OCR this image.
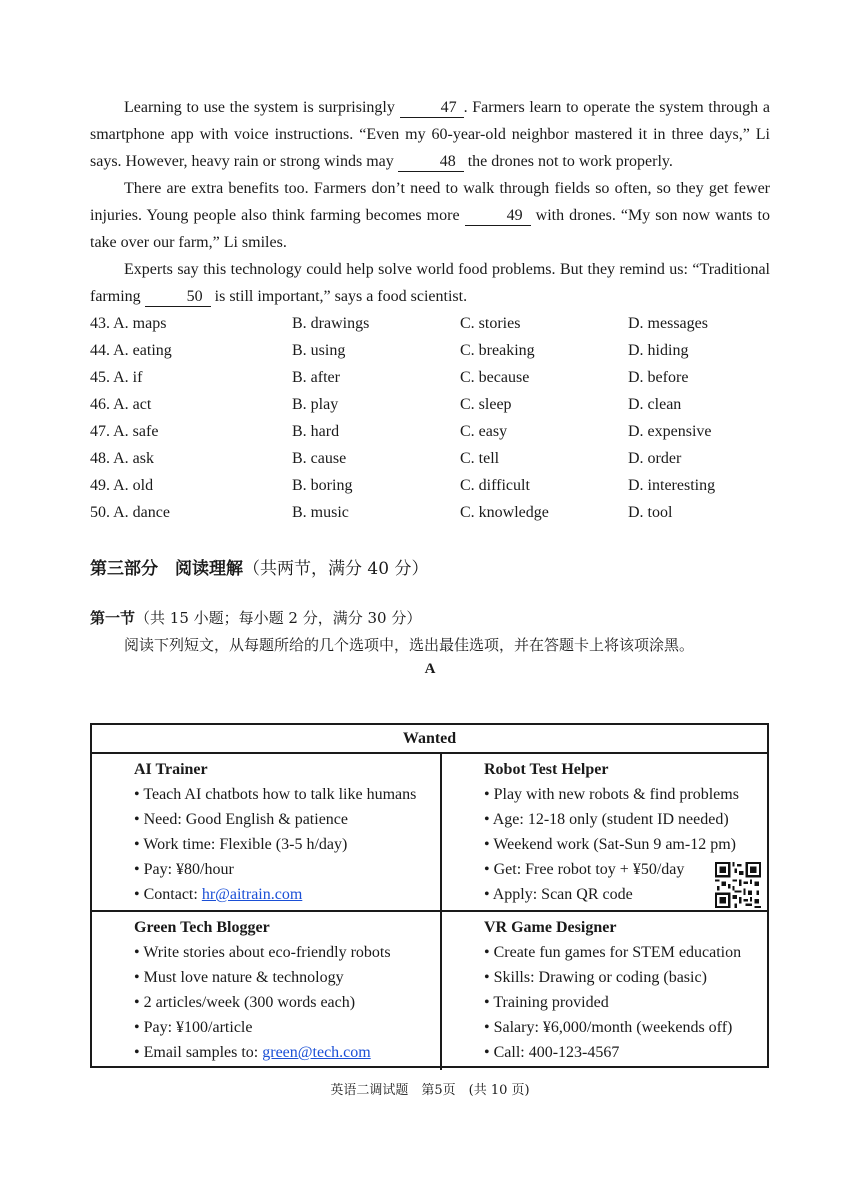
Learning to use the system is surprisingly	47 . Farmers learn to operate the system through a smartphone app with voice instructions. “Even my 60-year-old neighbor mastered it in three days,” Li says. However, heavy rain or strong winds may	48 the drones not to work properly.

There are extra benefits too. Farmers don’t need to walk through fields so often, so they get fewer injuries. Young people also think farming becomes more	49 with drones. “My son now wants to take over our farm,” Li smiles.

Experts say this technology could help solve world food problems. But they remind us: “Traditional farming	50 is still important,” says a food scientist.

43. A. maps	B. drawings	C. stories	D. messages
44. A. eating	B. using	C. breaking	D. hiding
45. A. if	B. after	C. because	D. before
46. A. act	B. play	C. sleep	D. clean
47. A. safe	B. hard	C. easy	D. expensive
48. A. ask	B. cause	C. tell	D. order
49. A. old	B. boring	C. difficult	D. interesting
50. A. dance	B. music	C. knowledge	D. tool
第三部分　阅读理解（共两节，满分 40 分）
第一节（共 15 小题；每小题 2 分，满分 30 分）
阅读下列短文，从每题所给的几个选项中，选出最佳选项，并在答题卡上将该项涂黑。
A
Wanted
AI Trainer
• Teach AI chatbots how to talk like humans
• Need: Good English & patience
• Work time: Flexible (3-5 h/day)
• Pay: ¥80/hour
• Contact: hr@aitrain.com
Robot Test Helper
• Play with new robots & find problems
• Age: 12-18 only (student ID needed)
• Weekend work (Sat-Sun 9 am-12 pm)
• Get: Free robot toy + ¥50/day
• Apply: Scan QR code
Green Tech Blogger
• Write stories about eco-friendly robots
• Must love nature & technology
• 2 articles/week (300 words each)
• Pay: ¥100/article
• Email samples to: green@tech.com
VR Game Designer
• Create fun games for STEM education
• Skills: Drawing or coding (basic)
• Training provided
• Salary: ¥6,000/month (weekends off)
• Call: 400-123-4567
英语二调试题　第5页　(共 10 页)
